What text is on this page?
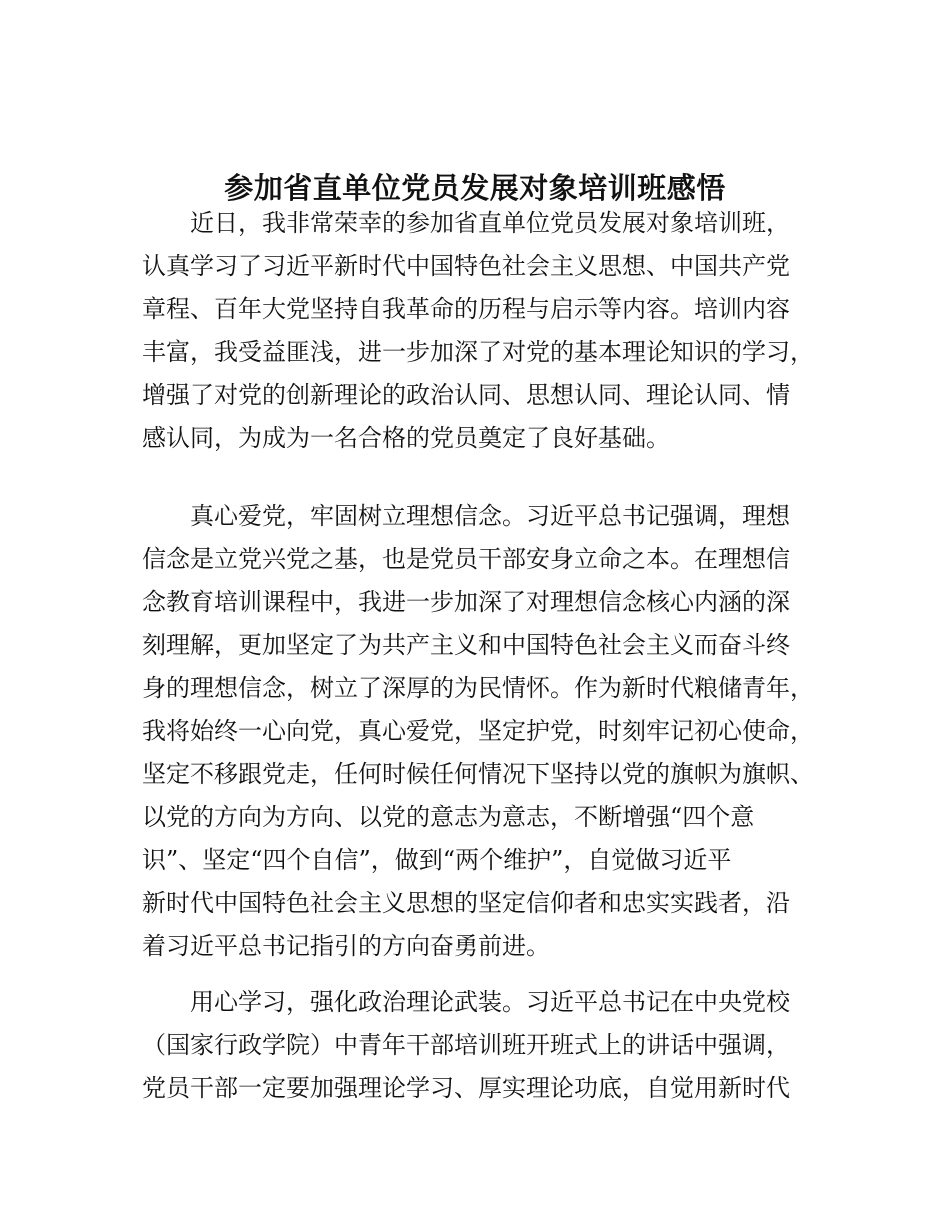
参加省直单位党员发展对象培训班感悟
近日，我非常荣幸的参加省直单位党员发展对象培训班，
认真学习了习近平新时代中国特色社会主义思想、中国共产党
章程、百年大党坚持自我革命的历程与启示等内容。培训内容
丰富，我受益匪浅，进一步加深了对党的基本理论知识的学习，
增强了对党的创新理论的政治认同、思想认同、理论认同、情
感认同，为成为一名合格的党员奠定了良好基础。
真心爱党，牢固树立理想信念。习近平总书记强调，理想
信念是立党兴党之基，也是党员干部安身立命之本。在理想信
念教育培训课程中，我进一步加深了对理想信念核心内涵的深
刻理解，更加坚定了为共产主义和中国特色社会主义而奋斗终
身的理想信念，树立了深厚的为民情怀。作为新时代粮储青年，
我将始终一心向党，真心爱党，坚定护党，时刻牢记初心使命，
坚定不移跟党走，任何时候任何情况下坚持以党的旗帜为旗帜、
以党的方向为方向、以党的意志为意志，不断增强“四个意
识”、坚定“四个自信”，做到“两个维护”，自觉做习近平
新时代中国特色社会主义思想的坚定信仰者和忠实实践者，沿
着习近平总书记指引的方向奋勇前进。
用心学习，强化政治理论武装。习近平总书记在中央党校
（国家行政学院）中青年干部培训班开班式上的讲话中强调，
党员干部一定要加强理论学习、厚实理论功底，自觉用新时代
